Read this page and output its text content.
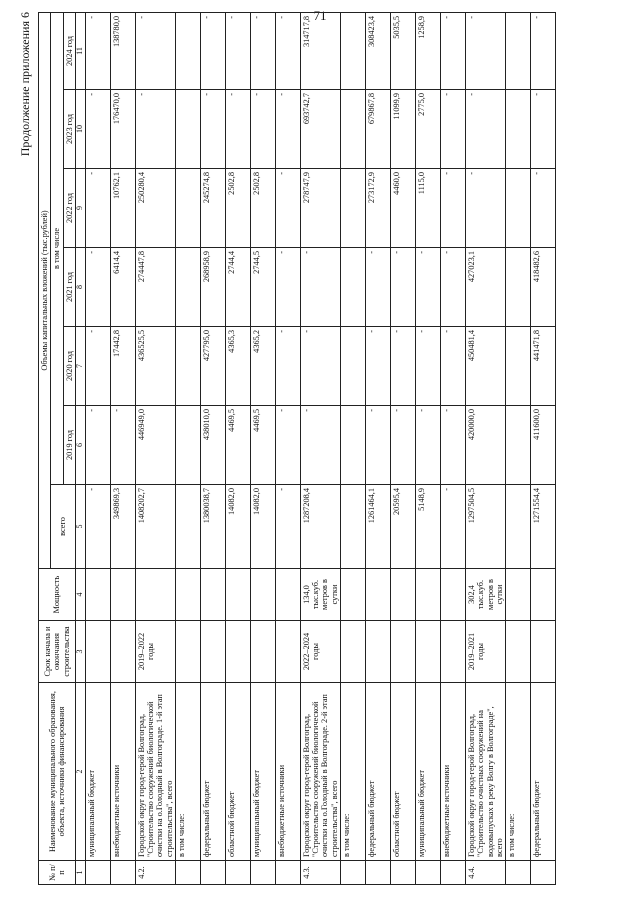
71
Продолжение приложения 6
№ п/п	Наименование муниципального образования, объекта, источники финансирования	Срок начала и окончания строительства	Мощность	Объемы капитальных вложений (тыс.рублей)						
				всего	в том числе					
					2019 год	2020 год	2021 год	2022 год	2023 год	2024 год
1	2	3	4	5	6	7	8	9	10	11
	муниципальный бюджет			-	-	-	-	-	-	-
	внебюджетные источники			349869,3	-	17442,8	6414,4	10762,1	176470,0	138780,0
4.2.	Городской округ город-герой Волгоград, "Строительство сооружений биологической очистки на о.Голодный в Волгограде. 1-й этап строительства", всего	2019–2022 годы		1408202,7	446949,0	436525,5	274447,8	250280,4	-	-
	в том числе:									
	федеральный бюджет			1380038,7	438010,0	427795,0	268958,9	245274,8	-	-
	областной бюджет			14082,0	4469,5	4365,3	2744,4	2502,8	-	-
	муниципальный бюджет			14082,0	4469,5	4365,2	2744,5	2502,8	-	-
	внебюджетные источники			-	-	-	-	-	-	-
4.3.	Городской округ город-герой Волгоград, "Строительство сооружений биологической очистки на о.Голодный в Волгограде. 2-й этап строительства", всего	2022–2024 годы	134,0 тыс.куб. метров в сутки	1287208,4	-	-	-	278747,9	693742,7	314717,8
	в том числе:									
	федеральный бюджет			1261464,1	-	-	-	273172,9	679867,8	308423,4
	областной бюджет			20595,4	-	-	-	4460,0	11099,9	5035,5
	муниципальный бюджет			5148,9	-	-	-	1115,0	2775,0	1258,9
	внебюджетные источники			-	-	-	-	-	-	-
4.4.	Городской округ город-герой Волгоград, "Строительство очистных сооружений на водовыпусках в реку Волгу в Волгограде", всего	2019–2021 годы	302,4 тыс.куб. метров в сутки	1297504,5	420000,0	450481,4	427023,1	-	-	-
	в том числе:									
	федеральный бюджет			1271554,4	411600,0	441471,8	418482,6	-	-	-
